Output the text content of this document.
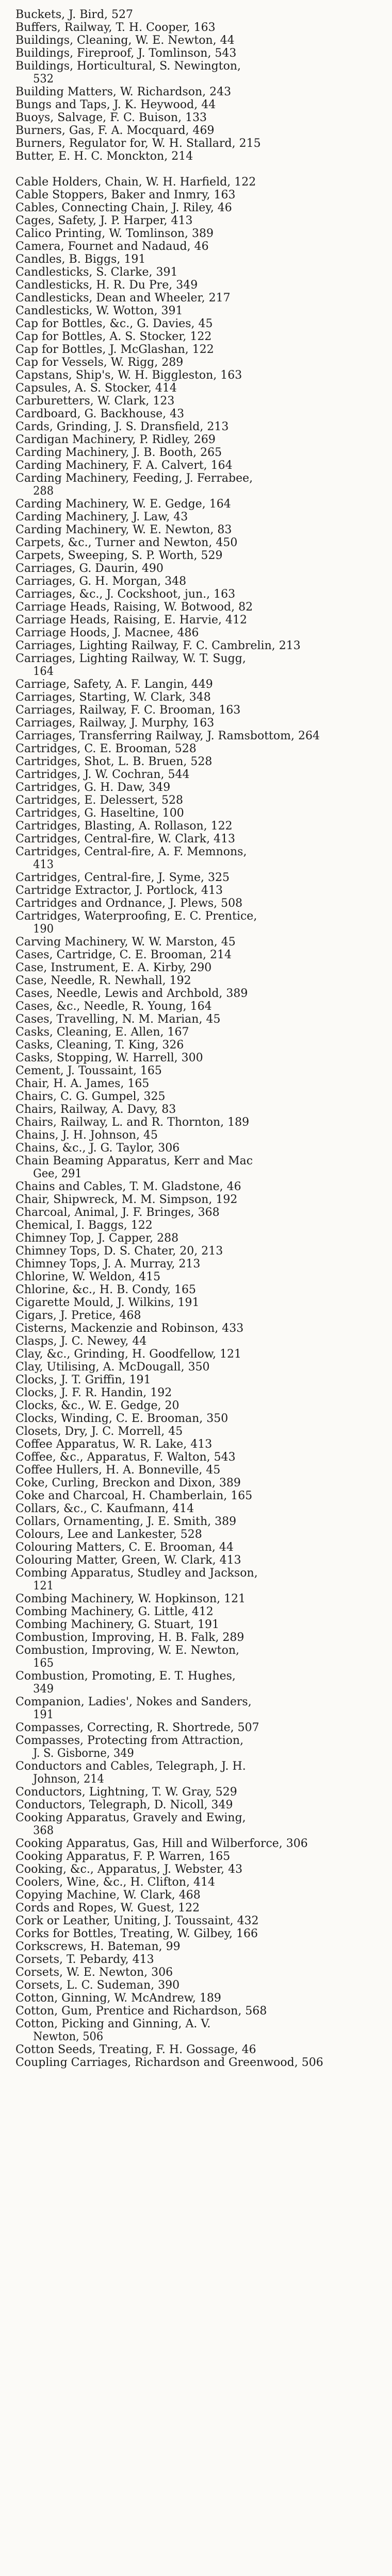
Buckets, J. Bird, 527
Buffers, Railway, T. H. Cooper, 163
Buildings, Cleaning, W. E. Newton, 44
Buildings, Fireproof, J. Tomlinson, 543
Buildings, Horticultural, S. Newington,
532
Building Matters, W. Richardson, 243
Bungs and Taps, J. K. Heywood, 44
Buoys, Salvage, F. C. Buison, 133
Burners, Gas, F. A. Mocquard, 469
Burners, Regulator for, W. H. Stallard, 215
Butter, E. H. C. Monckton, 214
Cable Holders, Chain, W. H. Harfield, 122
Cable Stoppers, Baker and Inmry, 163
Cables, Connecting Chain, J. Riley, 46
Cages, Safety, J. P. Harper, 413
Calico Printing, W. Tomlinson, 389
Camera, Fournet and Nadaud, 46
Candles, B. Biggs, 191
Candlesticks, S. Clarke, 391
Candlesticks, H. R. Du Pre, 349
Candlesticks, Dean and Wheeler, 217
Candlesticks, W. Wotton, 391
Cap for Bottles, &c., G. Davies, 45
Cap for Bottles, A. S. Stocker, 122
Cap for Bottles, J. McGlashan, 122
Cap for Vessels, W. Rigg, 289
Capstans, Ship's, W. H. Biggleston, 163
Capsules, A. S. Stocker, 414
Carburetters, W. Clark, 123
Cardboard, G. Backhouse, 43
Cards, Grinding, J. S. Dransfield, 213
Cardigan Machinery, P. Ridley, 269
Carding Machinery, J. B. Booth, 265
Carding Machinery, F. A. Calvert, 164
Carding Machinery, Feeding, J. Ferrabee,
288
Carding Machinery, W. E. Gedge, 164
Carding Machinery, J. Law, 43
Carding Machinery, W. E. Newton, 83
Carpets, &c., Turner and Newton, 450
Carpets, Sweeping, S. P. Worth, 529
Carriages, G. Daurin, 490
Carriages, G. H. Morgan, 348
Carriages, &c., J. Cockshoot, jun., 163
Carriage Heads, Raising, W. Botwood, 82
Carriage Heads, Raising, E. Harvie, 412
Carriage Hoods, J. Macnee, 486
Carriages, Lighting Railway, F. C. Cambrelin, 213
Carriages, Lighting Railway, W. T. Sugg,
164
Carriage, Safety, A. F. Langin, 449
Carriages, Starting, W. Clark, 348
Carriages, Railway, F. C. Brooman, 163
Carriages, Railway, J. Murphy, 163
Carriages, Transferring Railway, J. Ramsbottom, 264
Cartridges, C. E. Brooman, 528
Cartridges, Shot, L. B. Bruen, 528
Cartridges, J. W. Cochran, 544
Cartridges, G. H. Daw, 349
Cartridges, E. Delessert, 528
Cartridges, G. Haseltine, 100
Cartridges, Blasting, A. Rollason, 122
Cartridges, Central-fire, W. Clark, 413
Cartridges, Central-fire, A. F. Memnons,
413
Cartridges, Central-fire, J. Syme, 325
Cartridge Extractor, J. Portlock, 413
Cartridges and Ordnance, J. Plews, 508
Cartridges, Waterproofing, E. C. Prentice,
190
Carving Machinery, W. W. Marston, 45
Cases, Cartridge, C. E. Brooman, 214
Case, Instrument, E. A. Kirby, 290
Case, Needle, R. Newhall, 192
Cases, Needle, Lewis and Archbold, 389
Cases, &c., Needle, R. Young, 164
Cases, Travelling, N. M. Marian, 45
Casks, Cleaning, E. Allen, 167
Casks, Cleaning, T. King, 326
Casks, Stopping, W. Harrell, 300
Cement, J. Toussaint, 165
Chair, H. A. James, 165
Chairs, C. G. Gumpel, 325
Chairs, Railway, A. Davy, 83
Chairs, Railway, L. and R. Thornton, 189
Chains, J. H. Johnson, 45
Chains, &c., J. G. Taylor, 306
Chain Beaming Apparatus, Kerr and Mac
Gee, 291
Chains and Cables, T. M. Gladstone, 46
Chair, Shipwreck, M. M. Simpson, 192
Charcoal, Animal, J. F. Bringes, 368
Chemical, I. Baggs, 122
Chimney Top, J. Capper, 288
Chimney Tops, D. S. Chater, 20, 213
Chimney Tops, J. A. Murray, 213
Chlorine, W. Weldon, 415
Chlorine, &c., H. B. Condy, 165
Cigarette Mould, J. Wilkins, 191
Cigars, J. Pretice, 468
Cisterns, Mackenzie and Robinson, 433
Clasps, J. C. Newey, 44
Clay, &c., Grinding, H. Goodfellow, 121
Clay, Utilising, A. McDougall, 350
Clocks, J. T. Griffin, 191
Clocks, J. F. R. Handin, 192
Clocks, &c., W. E. Gedge, 20
Clocks, Winding, C. E. Brooman, 350
Closets, Dry, J. C. Morrell, 45
Coffee Apparatus, W. R. Lake, 413
Coffee, &c., Apparatus, F. Walton, 543
Coffee Hullers, H. A. Bonneville, 45
Coke, Curling, Breckon and Dixon, 389
Coke and Charcoal, H. Chamberlain, 165
Collars, &c., C. Kaufmann, 414
Collars, Ornamenting, J. E. Smith, 389
Colours, Lee and Lankester, 528
Colouring Matters, C. E. Brooman, 44
Colouring Matter, Green, W. Clark, 413
Combing Apparatus, Studley and Jackson,
121
Combing Machinery, W. Hopkinson, 121
Combing Machinery, G. Little, 412
Combing Machinery, G. Stuart, 191
Combustion, Improving, H. B. Falk, 289
Combustion, Improving, W. E. Newton,
165
Combustion, Promoting, E. T. Hughes,
349
Companion, Ladies', Nokes and Sanders,
191
Compasses, Correcting, R. Shortrede, 507
Compasses, Protecting from Attraction,
J. S. Gisborne, 349
Conductors and Cables, Telegraph, J. H.
Johnson, 214
Conductors, Lightning, T. W. Gray, 529
Conductors, Telegraph, D. Nicoll, 349
Cooking Apparatus, Gravely and Ewing,
368
Cooking Apparatus, Gas, Hill and Wilberforce, 306
Cooking Apparatus, F. P. Warren, 165
Cooking, &c., Apparatus, J. Webster, 43
Coolers, Wine, &c., H. Clifton, 414
Copying Machine, W. Clark, 468
Cords and Ropes, W. Guest, 122
Cork or Leather, Uniting, J. Toussaint, 432
Corks for Bottles, Treating, W. Gilbey, 166
Corkscrews, H. Bateman, 99
Corsets, T. Pebardy, 413
Corsets, W. E. Newton, 306
Corsets, L. C. Sudeman, 390
Cotton, Ginning, W. McAndrew, 189
Cotton, Gum, Prentice and Richardson, 568
Cotton, Picking and Ginning, A. V.
Newton, 506
Cotton Seeds, Treating, F. H. Gossage, 46
Coupling Carriages, Richardson and Greenwood, 506
